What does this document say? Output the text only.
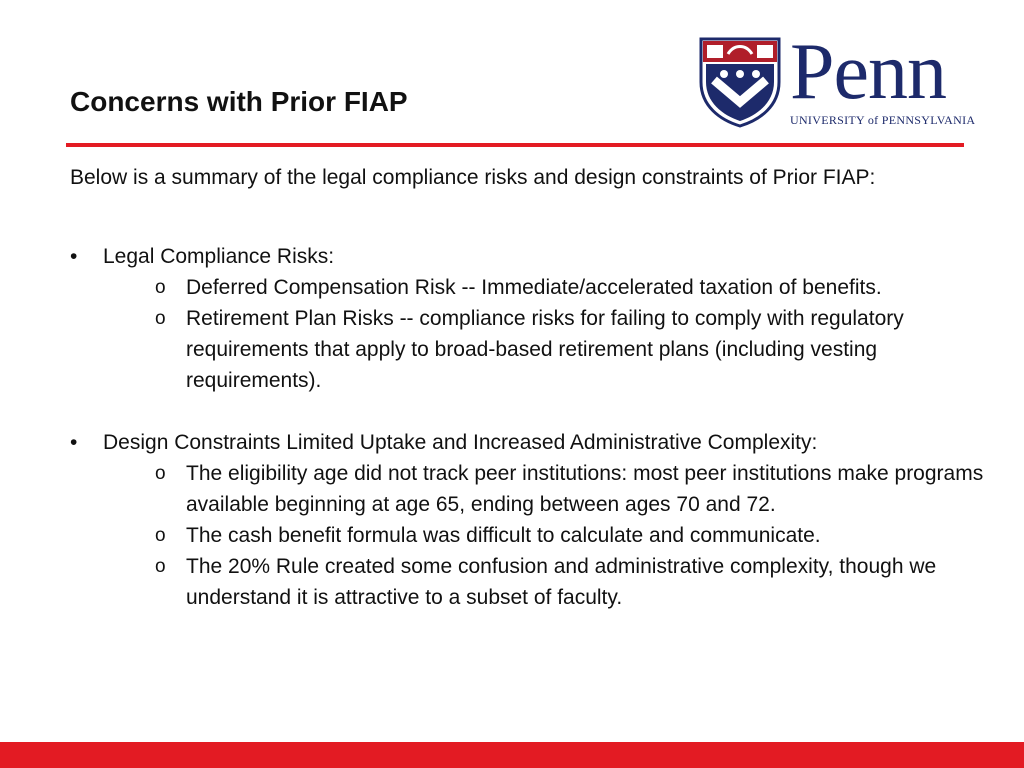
Concerns with Prior FIAP	Penn
UNIVERSITY of PENNSYLVANIA

Below is a summary of the legal compliance risks and design constraints of Prior FIAP:

• Legal Compliance Risks:
o Deferred Compensation Risk -- Immediate/accelerated taxation of benefits.
o Retirement Plan Risks -- compliance risks for failing to comply with regulatory requirements that apply to broad-based retirement plans (including vesting requirements).
• Design Constraints Limited Uptake and Increased Administrative Complexity:
o The eligibility age did not track peer institutions: most peer institutions make programs available beginning at age 65, ending between ages 70 and 72.
o The cash benefit formula was difficult to calculate and communicate.
o The 20% Rule created some confusion and administrative complexity, though we understand it is attractive to a subset of faculty.
